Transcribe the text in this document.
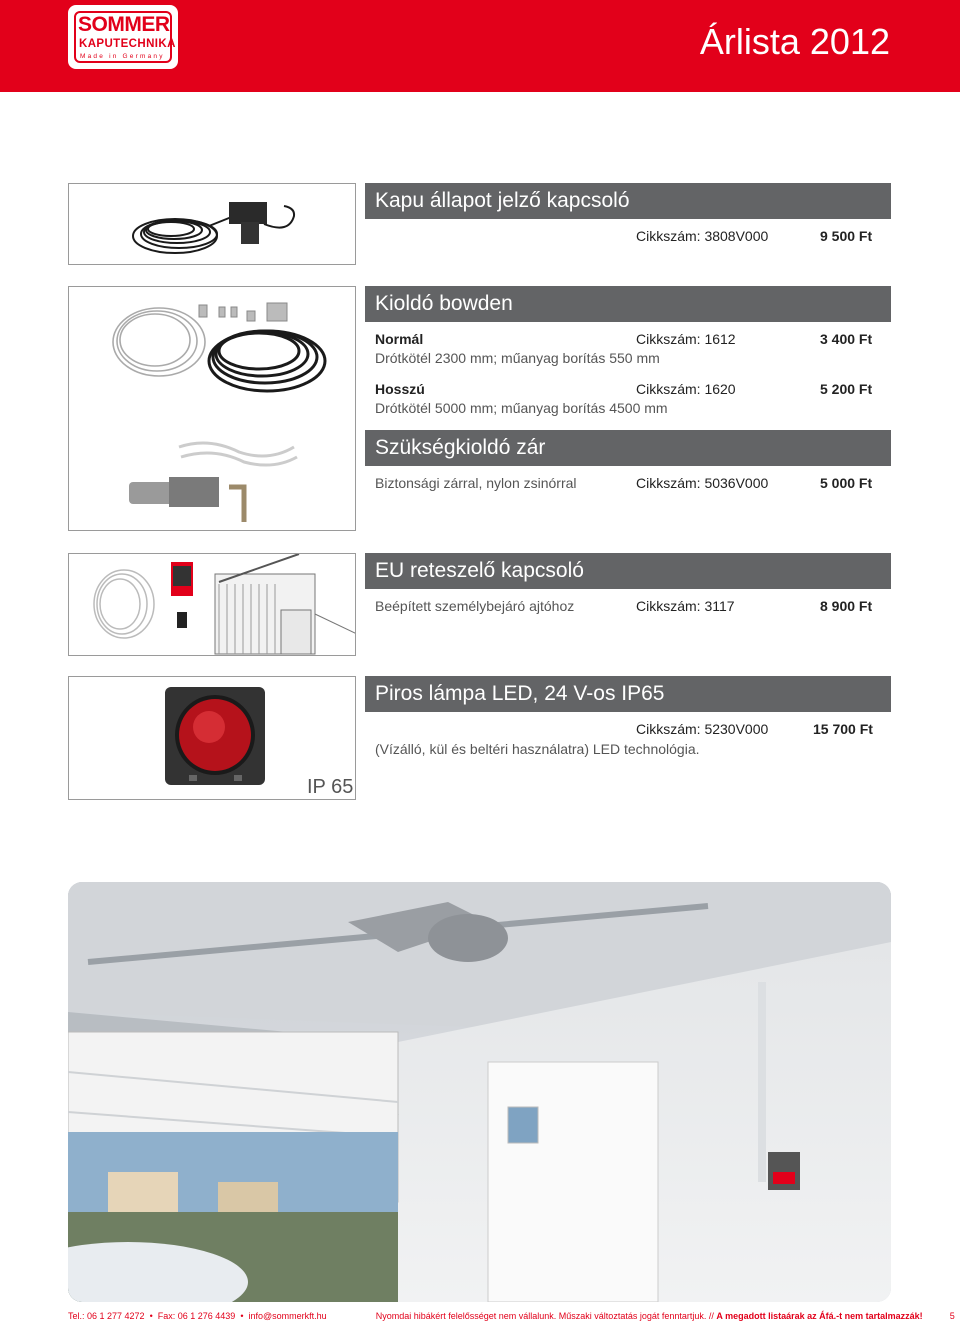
SOMMER
KAPUTECHNIKA
Made in Germany	Árlista 2012
Kapu állapot jelző kapcsoló
Cikkszám: 3808V000	9 500 Ft
Kioldó bowden
Normál	Cikkszám: 1612	3 400 Ft
Drótkötél 2300 mm; műanyag borítás 550 mm
Hosszú	Cikkszám: 1620	5 200 Ft
Drótkötél 5000 mm; műanyag borítás 4500 mm
Szükségkioldó zár
Biztonsági zárral, nylon zsinórral	Cikkszám: 5036V000	5 000 Ft
EU reteszelő kapcsoló
Beépített személybejáró ajtóhoz	Cikkszám: 3117	8 900 Ft
IP 65
Piros lámpa LED, 24 V-os IP65
Cikkszám: 5230V000	15 700 Ft
(Vízálló, kül és beltéri használatra) LED technológia.
Tel.: 06 1 277 4272  •  Fax: 06 1 276 4439  •  info@sommerkft.hu	Nyomdai hibákért felelősséget nem vállalunk. Műszaki változtatás jogát fenntartjuk. // A megadott listaárak az Áfá.-t nem tartalmazzák!	5
